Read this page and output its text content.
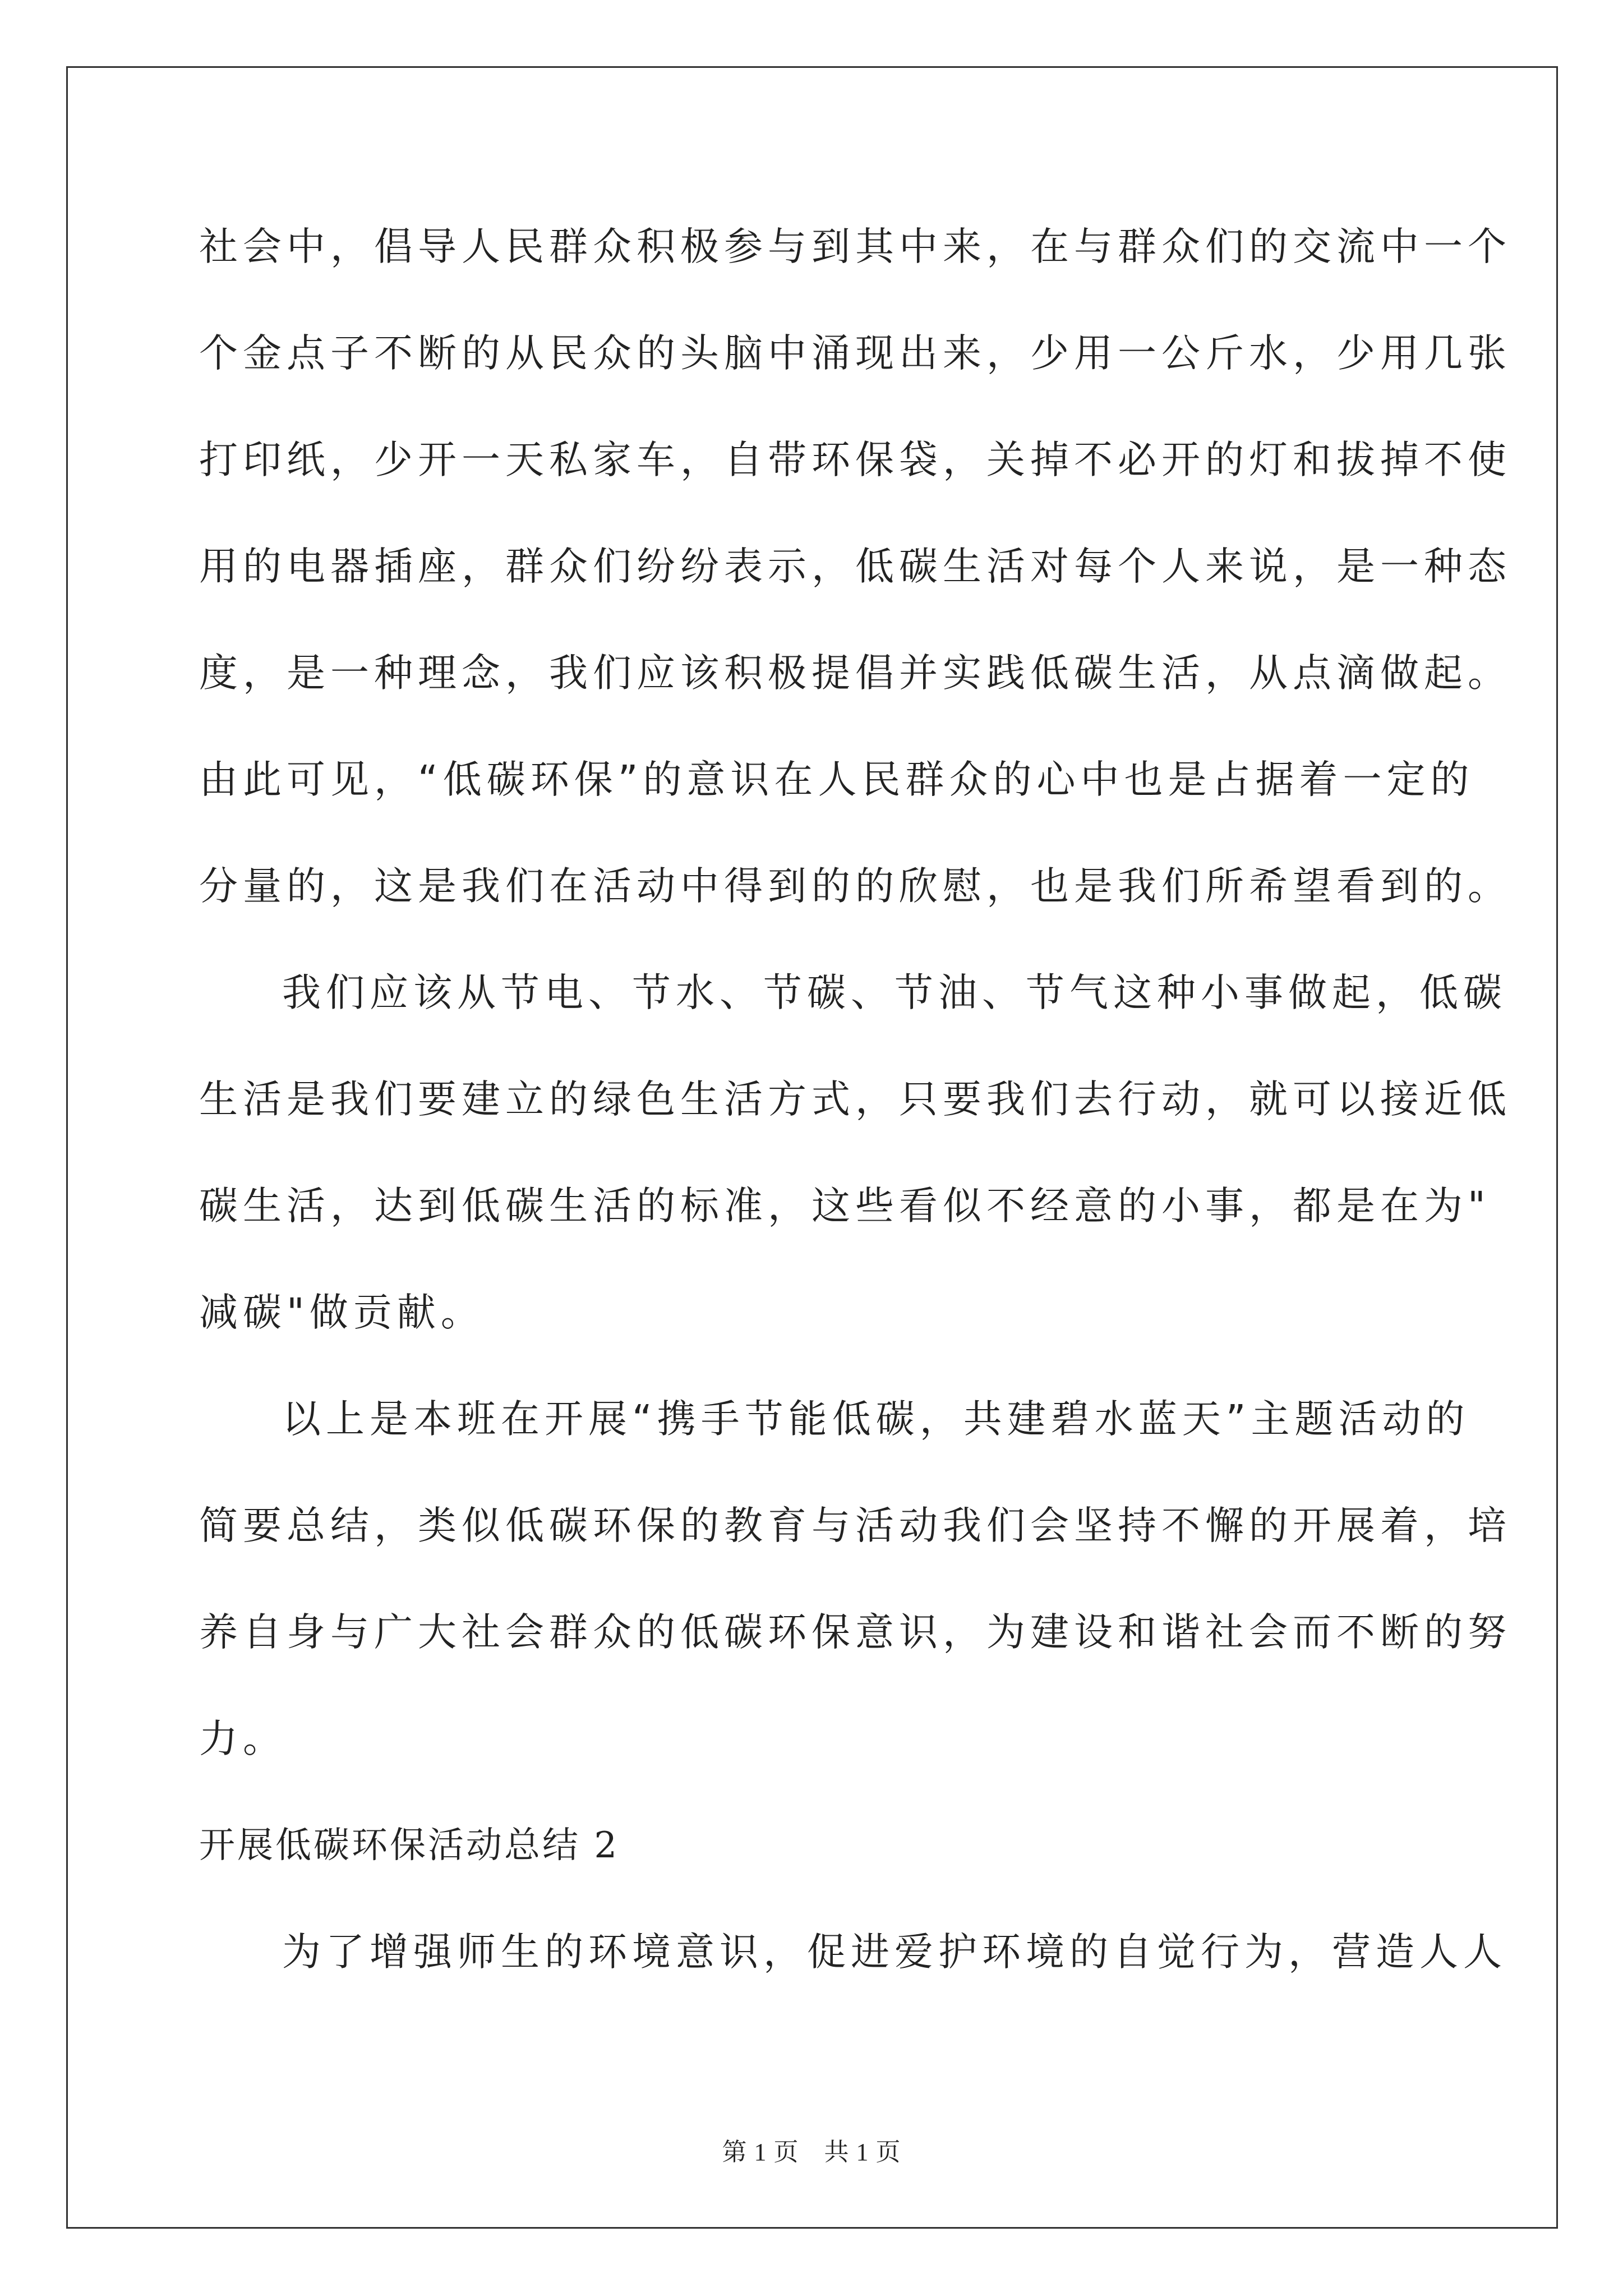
社会中，倡导人民群众积极参与到其中来，在与群众们的交流中一个
个金点子不断的从民众的头脑中涌现出来，少用一公斤水，少用几张
打印纸，少开一天私家车，自带环保袋，关掉不必开的灯和拔掉不使
用的电器插座，群众们纷纷表示，低碳生活对每个人来说，是一种态
度，是一种理念，我们应该积极提倡并实践低碳生活，从点滴做起。
由此可见，“低碳环保”的意识在人民群众的心中也是占据着一定的
分量的，这是我们在活动中得到的的欣慰，也是我们所希望看到的。
我们应该从节电、节水、节碳、节油、节气这种小事做起，低碳
生活是我们要建立的绿色生活方式，只要我们去行动，就可以接近低
碳生活，达到低碳生活的标准，这些看似不经意的小事，都是在为"
减碳"做贡献。
以上是本班在开展“携手节能低碳，共建碧水蓝天”主题活动的
简要总结，类似低碳环保的教育与活动我们会坚持不懈的开展着，培
养自身与广大社会群众的低碳环保意识，为建设和谐社会而不断的努
力。
开展低碳环保活动总结 2
为了增强师生的环境意识，促进爱护环境的自觉行为，营造人人
第 1 页　共 1 页
